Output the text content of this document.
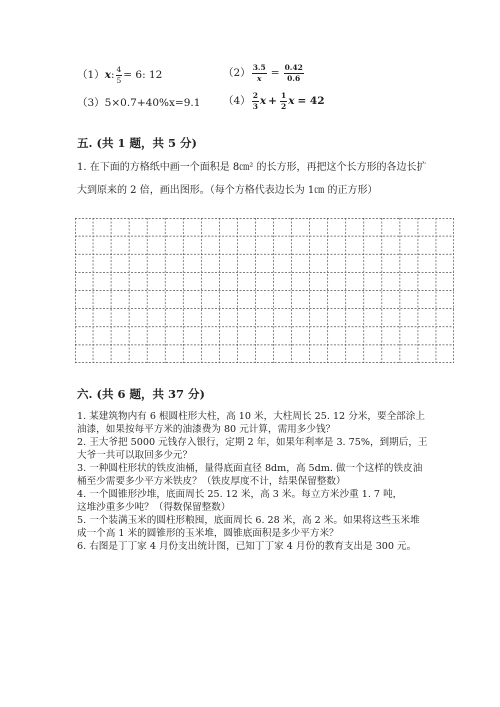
（1）x: $\frac{4}{5} = 6$: 12	$(2) \frac{3.5}{x} = \frac{0.42}{0.6}$
（3）5×0.7+40%x=9.1 $(4) \frac{2}{3}$ $x + \frac{1}{2}$ x = 42
五. (共 1 题，共 5 分)
1. 在下面的方格纸中画一个面积是 8㎝² 的长方形，再把这个长方形的各边长扩
大到原来的 2 倍，画出图形。（每个方格代表边长为 1㎝ 的正方形）
六. (共 6 题，共 37 分)
1. 某建筑物内有 6 根圆柱形大柱，高 10 米，大柱周长 25. 12 分米，要全部涂上
油漆，如果按每平方米的油漆费为 80 元计算，需用多少钱？
2. 王大爷把 5000 元钱存入银行，定期 2 年，如果年利率是 3. 75%，到期后，王
大爷一共可以取回多少元？
3. 一种圆柱形状的铁皮油桶，量得底面直径 8dm，高 5dm. 做一个这样的铁皮油
桶至少需要多少平方米铁皮？（铁皮厚度不计，结果保留整数）
4. 一个圆锥形沙堆，底面周长 25. 12 米，高 3 米。每立方米沙重 1. 7 吨，
这堆沙重多少吨？（得数保留整数）
5. 一个装满玉米的圆柱形粮囤，底面周长 6. 28 米，高 2 米。如果将这些玉米堆
成一个高 1 米的圆锥形的玉米堆，圆锥底面积是多少平方米？
6. 右图是丁丁家 4 月份支出统计图，已知丁丁家 4 月份的教育支出是 300 元。
